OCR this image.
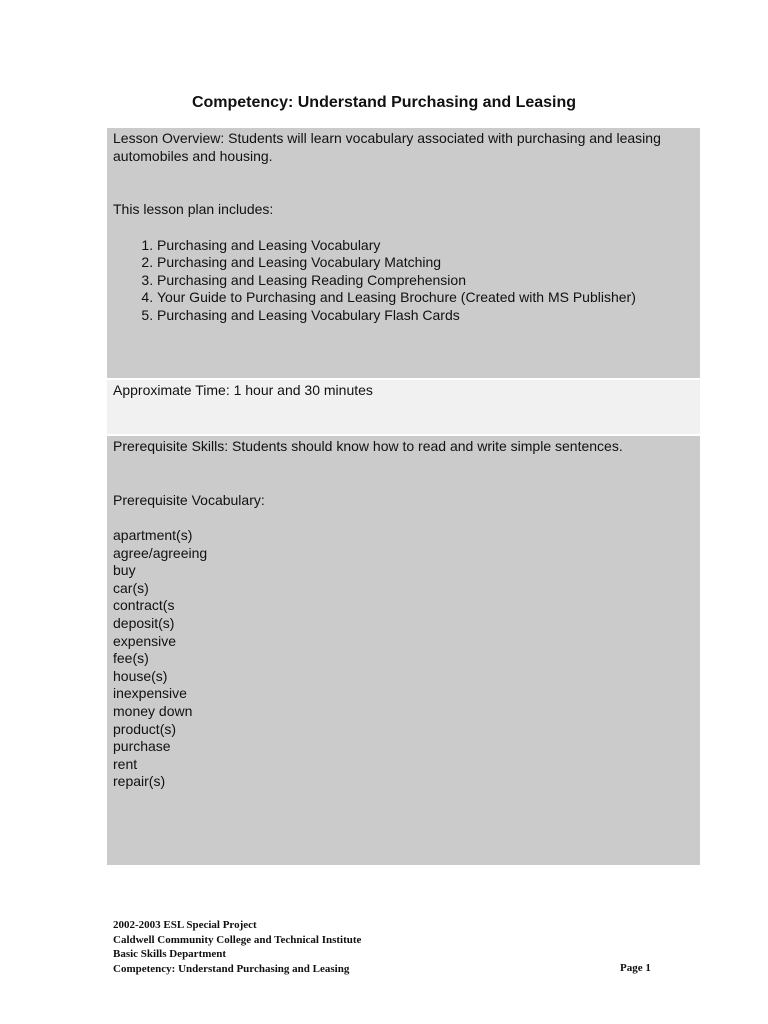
Competency: Understand Purchasing and Leasing
Lesson Overview: Students will learn vocabulary associated with purchasing and leasing automobiles and housing.
This lesson plan includes:
1. Purchasing and Leasing Vocabulary
2. Purchasing and Leasing Vocabulary Matching
3. Purchasing and Leasing Reading Comprehension
4. Your Guide to Purchasing and Leasing Brochure (Created with MS Publisher)
5. Purchasing and Leasing Vocabulary Flash Cards
Approximate Time: 1 hour and 30 minutes
Prerequisite Skills: Students should know how to read and write simple sentences.
Prerequisite Vocabulary:
apartment(s)
agree/agreeing
buy
car(s)
contract(s
deposit(s)
expensive
fee(s)
house(s)
inexpensive
money down
product(s)
purchase
rent
repair(s)
2002-2003 ESL Special Project
Caldwell Community College and Technical Institute
Basic Skills Department
Competency: Understand Purchasing and Leasing	Page 1
